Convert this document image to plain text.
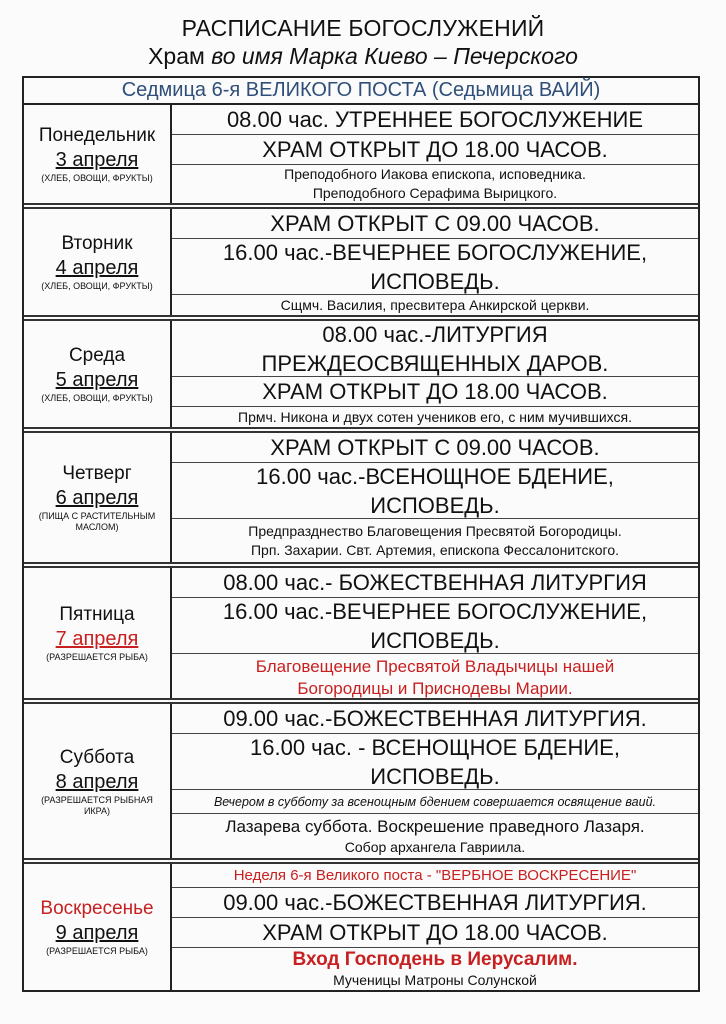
РАСПИСАНИЕ БОГОСЛУЖЕНИЙ
Храм во имя Марка Киево – Печерского
Седмица 6-я ВЕЛИКОГО ПОСТА (Седьмица ВАИЙ)
Понедельник
3 апреля
(ХЛЕБ, ОВОЩИ, ФРУКТЫ)
08.00 час. УТРЕННЕЕ БОГОСЛУЖЕНИЕ
ХРАМ ОТКРЫТ ДО 18.00 ЧАСОВ.
Преподобного Иакова епископа, исповедника.
Преподобного Серафима Вырицкого.
Вторник
4 апреля
(ХЛЕБ, ОВОЩИ, ФРУКТЫ)
ХРАМ ОТКРЫТ С 09.00 ЧАСОВ.
16.00 час.-ВЕЧЕРНЕЕ БОГОСЛУЖЕНИЕ,
ИСПОВЕДЬ.
Сщмч. Василия, пресвитера Анкирской церкви.
Среда
5 апреля
(ХЛЕБ, ОВОЩИ, ФРУКТЫ)
08.00 час.-ЛИТУРГИЯ
ПРЕЖДЕОСВЯЩЕННЫХ ДАРОВ.
ХРАМ ОТКРЫТ ДО 18.00 ЧАСОВ.
Прмч. Никона и двух сотен учеников его, с ним мучившихся.
Четверг
6 апреля
(ПИЩА С РАСТИТЕЛЬНЫМ МАСЛОМ)
ХРАМ ОТКРЫТ С 09.00 ЧАСОВ.
16.00 час.-ВСЕНОЩНОЕ БДЕНИЕ,
ИСПОВЕДЬ.
Предпразднество Благовещения Пресвятой Богородицы.
Прп. Захарии. Свт. Артемия, епископа Фессалонитского.
Пятница
7 апреля
(РАЗРЕШАЕТСЯ РЫБА)
08.00 час.- БОЖЕСТВЕННАЯ ЛИТУРГИЯ
16.00 час.-ВЕЧЕРНЕЕ БОГОСЛУЖЕНИЕ,
ИСПОВЕДЬ.
Благовещение Пресвятой Владычицы нашей
Богородицы и Приснодевы Марии.
Суббота
8 апреля
(РАЗРЕШАЕТСЯ РЫБНАЯ ИКРА)
09.00 час.-БОЖЕСТВЕННАЯ ЛИТУРГИЯ.
16.00 час. - ВСЕНОЩНОЕ БДЕНИЕ,
ИСПОВЕДЬ.
Вечером в субботу за всенощным бдением совершается освящение ваий.
Лазарева суббота. Воскрешение праведного Лазаря.
Собор архангела Гавриила.
Воскресенье
9 апреля
(РАЗРЕШАЕТСЯ РЫБА)
Неделя 6-я Великого поста - "ВЕРБНОЕ ВОСКРЕСЕНИЕ"
09.00 час.-БОЖЕСТВЕННАЯ ЛИТУРГИЯ.
ХРАМ ОТКРЫТ ДО 18.00 ЧАСОВ.
Вход Господень в Иерусалим.
Мученицы Матроны Солунской
